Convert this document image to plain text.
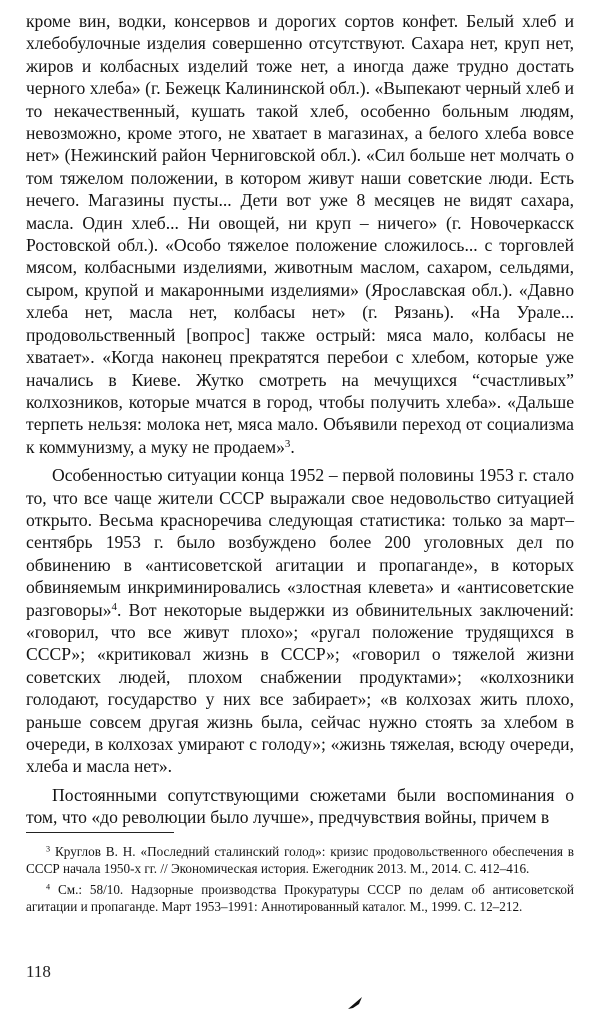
кроме вин, водки, консервов и дорогих сортов конфет. Белый хлеб и хлебобулочные изделия совершенно отсутствуют. Сахара нет, круп нет, жиров и колбасных изделий тоже нет, а иногда даже трудно достать черного хлеба» (г. Бежецк Калининской обл.). «Выпекают черный хлеб и то некачественный, кушать такой хлеб, особенно больным людям, невозможно, кроме этого, не хватает в магазинах, а белого хлеба вовсе нет» (Нежинский район Черниговской обл.). «Сил больше нет молчать о том тяжелом положении, в котором живут наши советские люди. Есть нечего. Магазины пусты... Дети вот уже 8 месяцев не видят сахара, масла. Один хлеб... Ни овощей, ни круп – ничего» (г. Новочеркасск Ростовской обл.). «Особо тяжелое положение сложилось... с торговлей мясом, колбасными изделиями, животным маслом, сахаром, сельдями, сыром, крупой и макаронными изделиями» (Ярославская обл.). «Давно хлеба нет, масла нет, колбасы нет» (г. Рязань). «На Урале... продовольственный [вопрос] также острый: мяса мало, колбасы не хватает». «Когда наконец прекратятся перебои с хлебом, которые уже начались в Киеве. Жутко смотреть на мечущихся “счастливых” колхозников, которые мчатся в город, чтобы получить хлеба». «Дальше терпеть нельзя: молока нет, мяса мало. Объявили переход от социализма к коммунизму, а муку не продаем»$^3$.

Особенностью ситуации конца 1952 – первой половины 1953 г. стало то, что все чаще жители СССР выражали свое недовольство ситуацией открыто. Весьма красноречива следующая статистика: только за март–сентябрь 1953 г. было возбуждено более 200 уголовных дел по обвинению в «антисоветской агитации и пропаганде», в которых обвиняемым инкриминировались «злостная клевета» и «антисоветские разговоры»$^4$. Вот некоторые выдержки из обвинительных заключений: «говорил, что все живут плохо»; «ругал положение трудящихся в СССР»; «критиковал жизнь в СССР»; «говорил о тяжелой жизни советских людей, плохом снабжении продуктами»; «колхозники голодают, государство у них все забирает»; «в колхозах жить плохо, раньше совсем другая жизнь была, сейчас нужно стоять за хлебом в очереди, в колхозах умирают с голоду»; «жизнь тяжелая, всюду очереди, хлеба и масла нет».

Постоянными сопутствующими сюжетами были воспоминания о том, что «до революции было лучше», предчувствия войны, причем в

$^3$ Круглов В. Н. «Последний сталинский голод»: кризис продовольственного обеспечения в СССР начала 1950-х гг. // Экономическая история. Ежегодник 2013. М., 2014. С. 412–416.

$^4$ См.: 58/10. Надзорные производства Прокуратуры СССР по делам об антисоветской агитации и пропаганде. Март 1953–1991: Аннотированный каталог. М., 1999. С. 12–212.

118
